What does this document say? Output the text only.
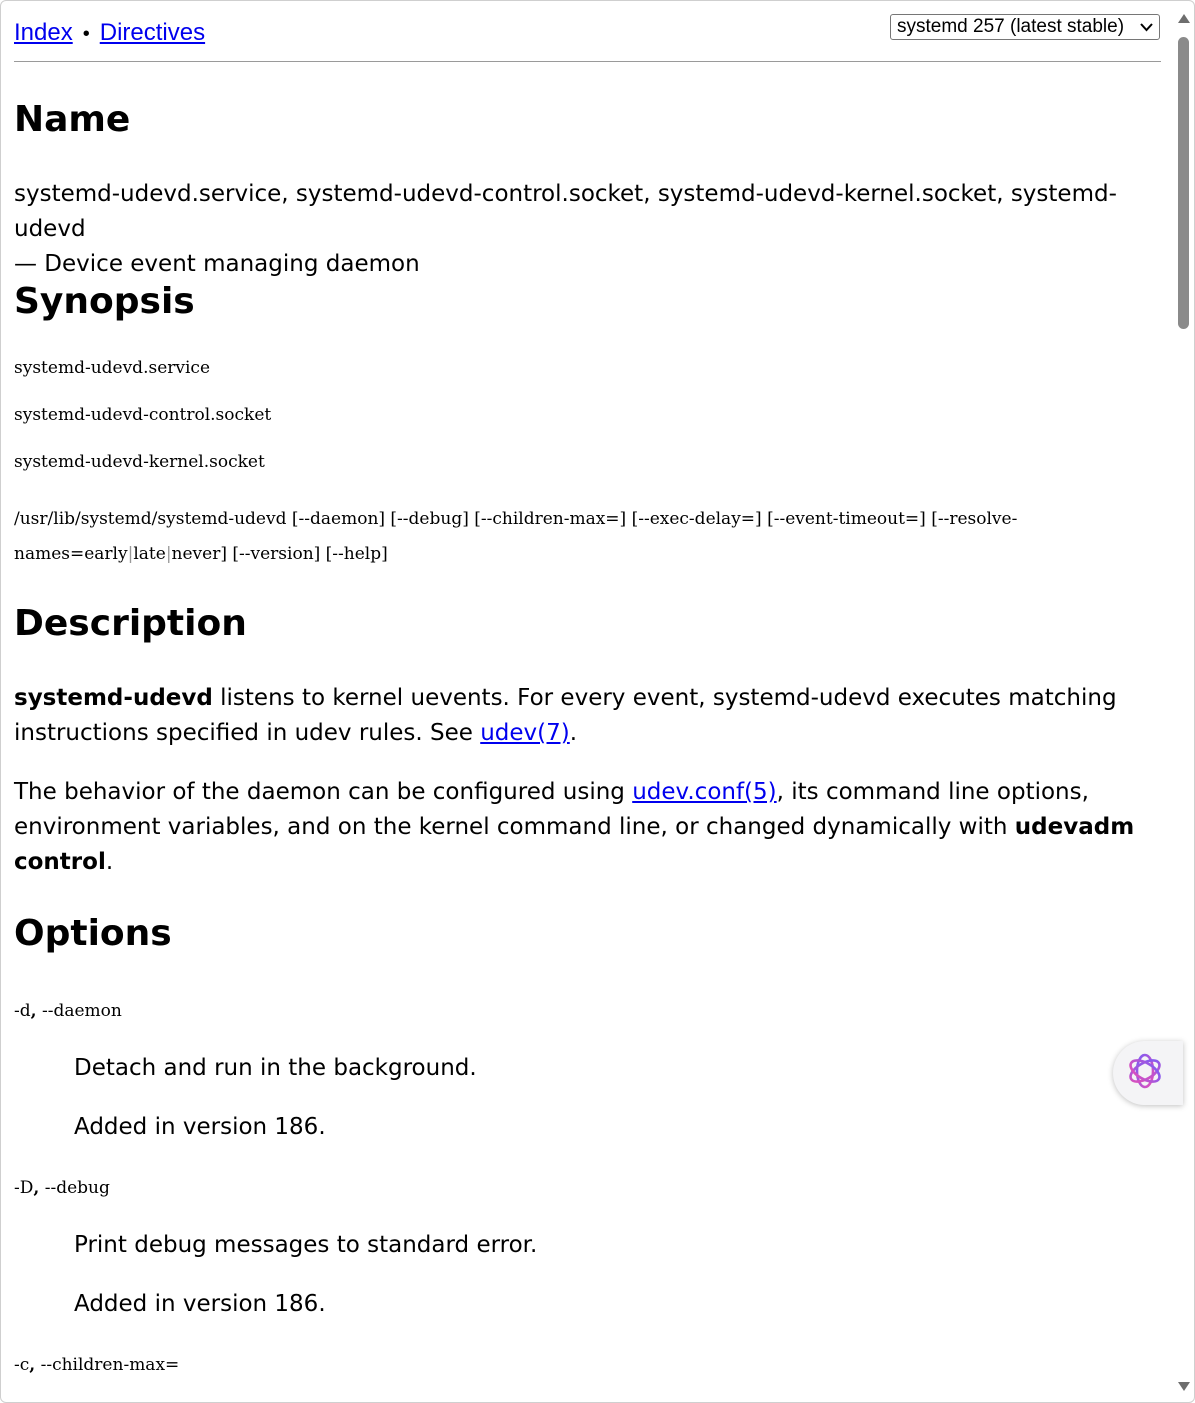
Index • Directives	systemd 257 (latest stable)
Name

systemd-udevd.service, systemd-udevd-control.socket, systemd-udevd-kernel.socket, systemd-udevd
— Device event managing daemon

Synopsis
systemd-udevd.service
systemd-udevd-control.socket
systemd-udevd-kernel.socket
/usr/lib/systemd/systemd-udevd [--daemon] [--debug] [--children-max=] [--exec-delay=] [--event-timeout=] [--resolve-
names=early|late|never] [--version] [--help]
Description

systemd-udevd listens to kernel uevents. For every event, systemd-udevd executes matching
instructions specified in udev rules. See udev(7).

The behavior of the daemon can be configured using udev.conf(5), its command line options,
environment variables, and on the kernel command line, or changed dynamically with udevadm
control.

Options
-d, --daemon

Detach and run in the background.

Added in version 186.

-D, --debug

Print debug messages to standard error.

Added in version 186.

-c, --children-max=
